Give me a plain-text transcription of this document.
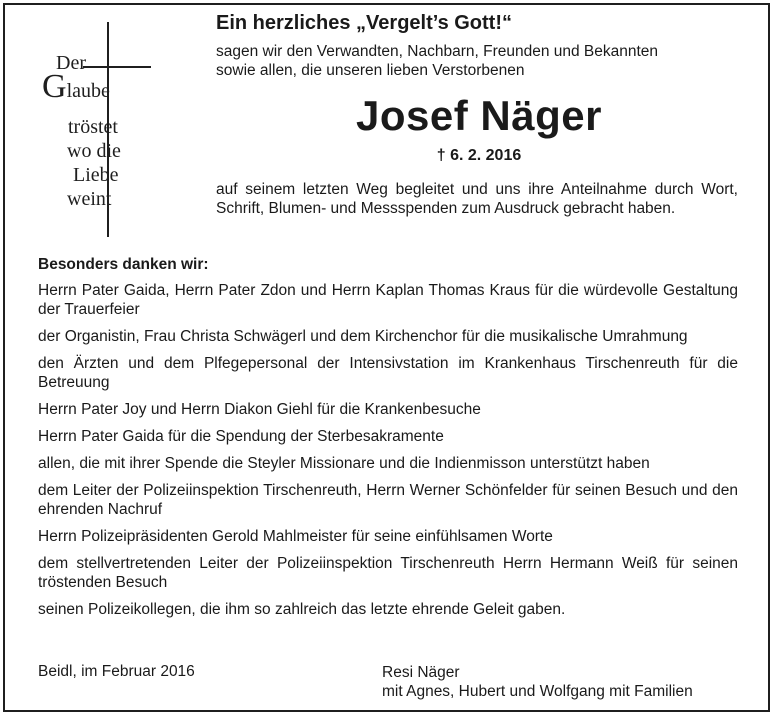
Der
Glaube
tröstet
wo die
Liebe
weint
Ein herzliches „Vergelt’s Gott!“
sagen wir den Verwandten, Nachbarn, Freunden und Bekannten
sowie allen, die unseren lieben Verstorbenen
Josef Näger
† 6. 2. 2016

auf seinem letzten Weg begleitet und uns ihre Anteilnahme durch Wort, Schrift, Blumen- und Messspenden zum Ausdruck gebracht haben.

Besonders danken wir:
Herrn Pater Gaida, Herrn Pater Zdon und Herrn Kaplan Thomas Kraus für die würdevolle Gestaltung der Trauerfeier
der Organistin, Frau Christa Schwägerl und dem Kirchenchor für die musikalische Umrahmung
den Ärzten und dem Plfegepersonal der Intensivstation im Krankenhaus Tirschenreuth für die Betreuung
Herrn Pater Joy und Herrn Diakon Giehl für die Krankenbesuche
Herrn Pater Gaida für die Spendung der Sterbesakramente
allen, die mit ihrer Spende die Steyler Missionare und die Indienmisson unterstützt haben
dem Leiter der Polizeiinspektion Tirschenreuth, Herrn Werner Schönfelder für seinen Besuch und den ehrenden Nachruf
Herrn Polizeipräsidenten Gerold Mahlmeister für seine einfühlsamen Worte
dem stellvertretenden Leiter der Polizeiinspektion Tirschenreuth Herrn Hermann Weiß für seinen tröstenden Besuch
seinen Polizeikollegen, die ihm so zahlreich das letzte ehrende Geleit gaben.
Beidl, im Februar 2016	Resi Näger
mit Agnes, Hubert und Wolfgang mit Familien
